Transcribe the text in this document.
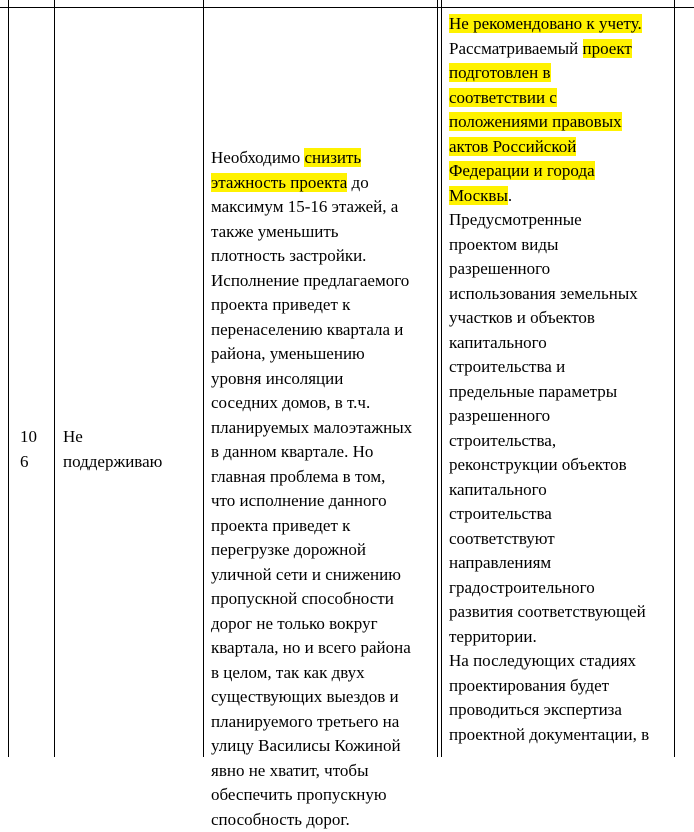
10
6
Не
поддерживаю
Необходимо снизить
этажность проекта до
максимум 15-16 этажей, а
также уменьшить
плотность застройки.
Исполнение предлагаемого
проекта приведет к
перенаселению квартала и
района, уменьшению
уровня инсоляции
соседних домов, в т.ч.
планируемых малоэтажных
в данном квартале. Но
главная проблема в том,
что исполнение данного
проекта приведет к
перегрузке дорожной
уличной сети и снижению
пропускной способности
дорог не только вокруг
квартала, но и всего района
в целом, так как двух
существующих выездов и
планируемого третьего на
улицу Василисы Кожиной
явно не хватит, чтобы
обеспечить пропускную
способность дорог.
Не рекомендовано к учету.
Рассматриваемый проект
подготовлен в
соответствии с
положениями правовых
актов Российской
Федерации и города
Москвы.
Предусмотренные
проектом виды
разрешенного
использования земельных
участков и объектов
капитального
строительства и
предельные параметры
разрешенного
строительства,
реконструкции объектов
капитального
строительства
соответствуют
направлениям
градостроительного
развития соответствующей
территории.
На последующих стадиях
проектирования будет
проводиться экспертиза
проектной документации, в
